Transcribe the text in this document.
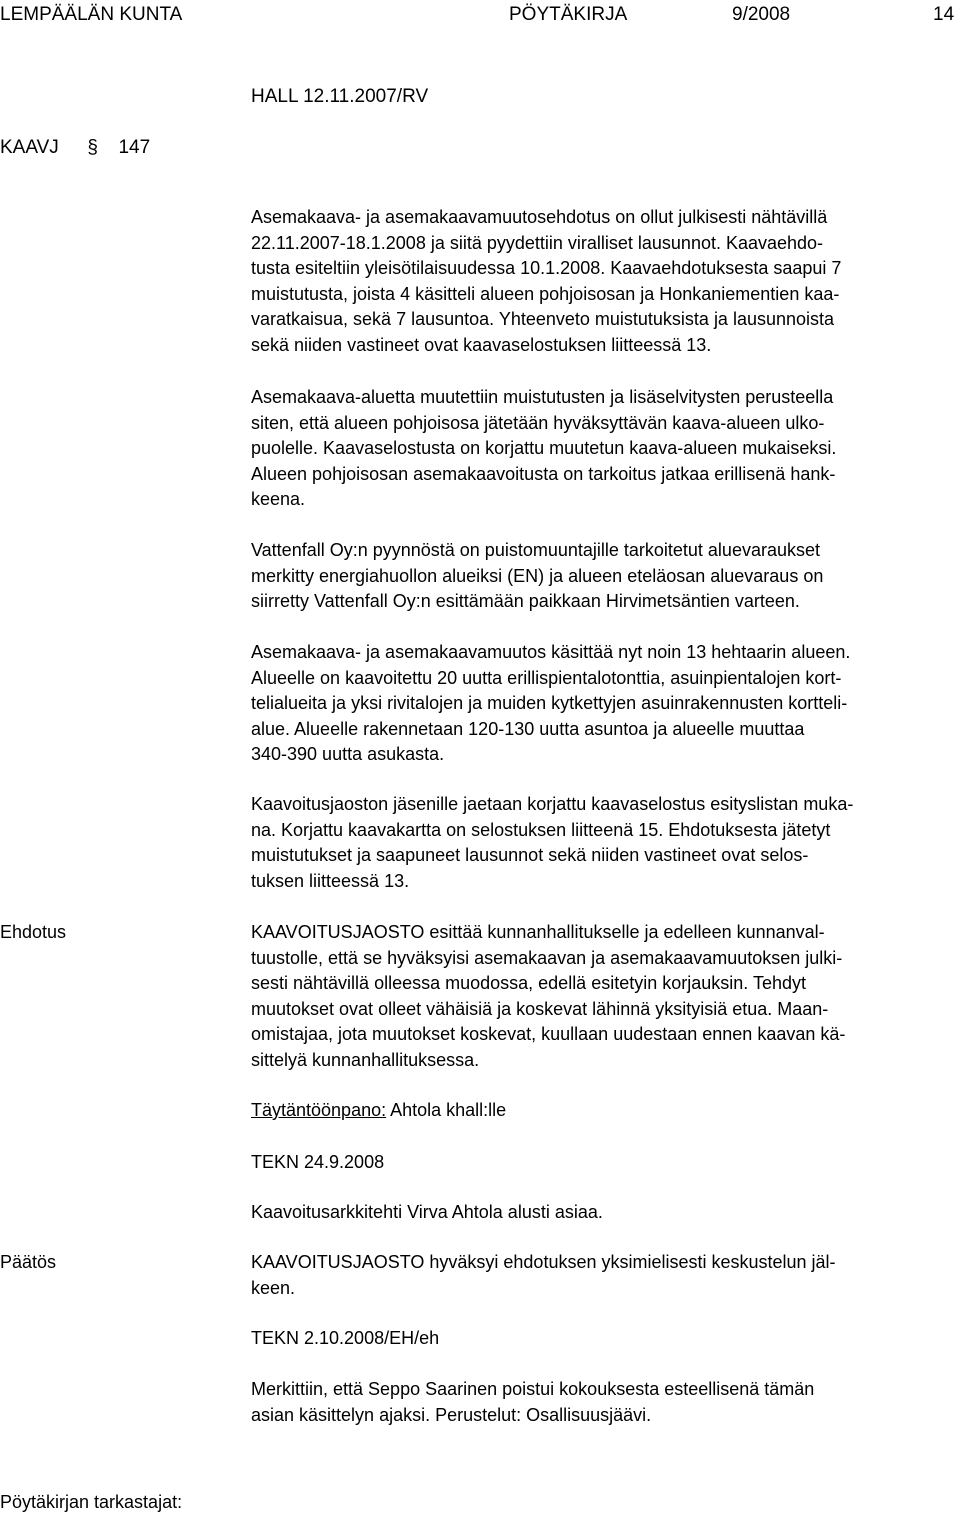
LEMPÄÄLÄN KUNTA	PÖYTÄKIRJA	9/2008	14
HALL 12.11.2007/RV
KAAVJ § 147
Asemakaava- ja asemakaavamuutosehdotus on ollut julkisesti nähtävillä
22.11.2007-18.1.2008 ja siitä pyydettiin viralliset lausunnot. Kaavaehdo-
tusta esiteltiin yleisötilaisuudessa 10.1.2008. Kaavaehdotuksesta saapui 7
muistutusta, joista 4 käsitteli alueen pohjoisosan ja Honkaniementien kaa-
varatkaisua, sekä 7 lausuntoa. Yhteenveto muistutuksista ja lausunnoista
sekä niiden vastineet ovat kaavaselostuksen liitteessä 13.
Asemakaava-aluetta muutettiin muistutusten ja lisäselvitysten perusteella
siten, että alueen pohjoisosa jätetään hyväksyttävän kaava-alueen ulko-
puolelle. Kaavaselostusta on korjattu muutetun kaava-alueen mukaiseksi.
Alueen pohjoisosan asemakaavoitusta on tarkoitus jatkaa erillisenä hank-
keena.
Vattenfall Oy:n pyynnöstä on puistomuuntajille tarkoitetut aluevaraukset
merkitty energiahuollon alueiksi (EN) ja alueen eteläosan aluevaraus on
siirretty Vattenfall Oy:n esittämään paikkaan Hirvimetsäntien varteen.
Asemakaava- ja asemakaavamuutos käsittää nyt noin 13 hehtaarin alueen.
Alueelle on kaavoitettu 20 uutta erillispientalotonttia, asuinpientalojen kort-
telialueita ja yksi rivitalojen ja muiden kytkettyjen asuinrakennusten kortteli-
alue. Alueelle rakennetaan 120-130 uutta asuntoa ja alueelle muuttaa
340-390 uutta asukasta.
Kaavoitusjaoston jäsenille jaetaan korjattu kaavaselostus esityslistan muka-
na. Korjattu kaavakartta on selostuksen liitteenä 15. Ehdotuksesta jätetyt
muistutukset ja saapuneet lausunnot sekä niiden vastineet ovat selos-
tuksen liitteessä 13.
Ehdotus	KAAVOITUSJAOSTO esittää kunnanhallitukselle ja edelleen kunnanval-
tuustolle, että se hyväksyisi asemakaavan ja asemakaavamuutoksen julki-
sesti nähtävillä olleessa muodossa, edellä esitetyin korjauksin. Tehdyt
muutokset ovat olleet vähäisiä ja koskevat lähinnä yksityisiä etua. Maan-
omistajaa, jota muutokset koskevat, kuullaan uudestaan ennen kaavan kä-
sittelyä kunnanhallituksessa.
Täytäntöönpano: Ahtola khall:lle
TEKN 24.9.2008
Kaavoitusarkkitehti Virva Ahtola alusti asiaa.
Päätös	KAAVOITUSJAOSTO hyväksyi ehdotuksen yksimielisesti keskustelun jäl-
keen.
TEKN 2.10.2008/EH/eh
Merkittiin, että Seppo Saarinen poistui kokouksesta esteellisenä tämän
asian käsittelyn ajaksi. Perustelut: Osallisuusjäävi.
Pöytäkirjan tarkastajat:
